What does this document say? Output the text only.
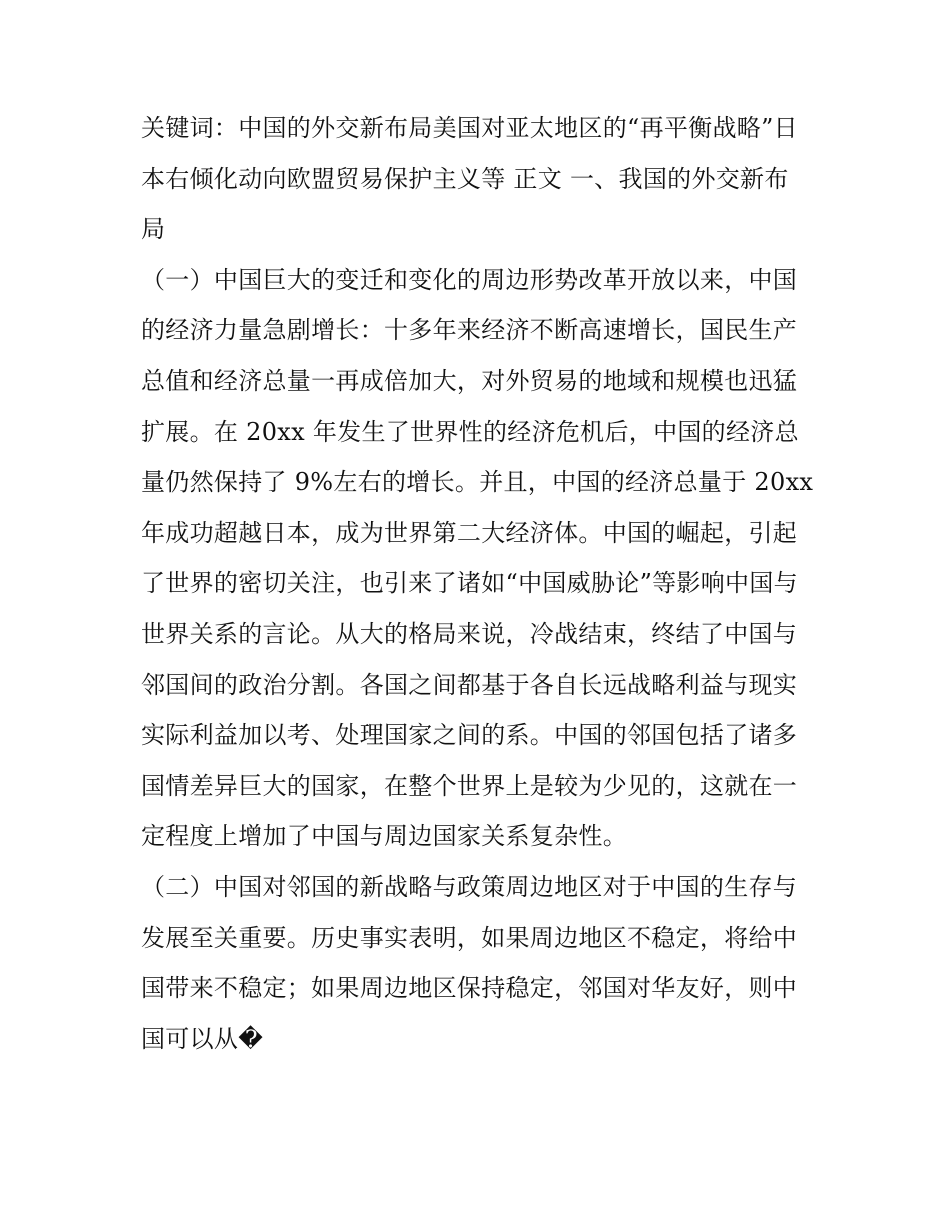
关键词：中国的外交新布局美国对亚太地区的“再平衡战略”日
本右倾化动向欧盟贸易保护主义等 正文 一、我国的外交新布
局
（一）中国巨大的变迁和变化的周边形势改革开放以来，中国
的经济力量急剧增长：十多年来经济不断高速增长，国民生产
总值和经济总量一再成倍加大，对外贸易的地域和规模也迅猛
扩展。在 20xx 年发生了世界性的经济危机后，中国的经济总
量仍然保持了 9%左右的增长。并且，中国的经济总量于 20xx
年成功超越日本，成为世界第二大经济体。中国的崛起，引起
了世界的密切关注，也引来了诸如“中国威胁论”等影响中国与
世界关系的言论。从大的格局来说，冷战结束，终结了中国与
邻国间的政治分割。各国之间都基于各自长远战略利益与现实
实际利益加以考、处理国家之间的系。中国的邻国包括了诸多
国情差异巨大的国家，在整个世界上是较为少见的，这就在一
定程度上增加了中国与周边国家关系复杂性。
（二）中国对邻国的新战略与政策周边地区对于中国的生存与
发展至关重要。历史事实表明，如果周边地区不稳定，将给中
国带来不稳定；如果周边地区保持稳定，邻国对华友好，则中
国可以从�
